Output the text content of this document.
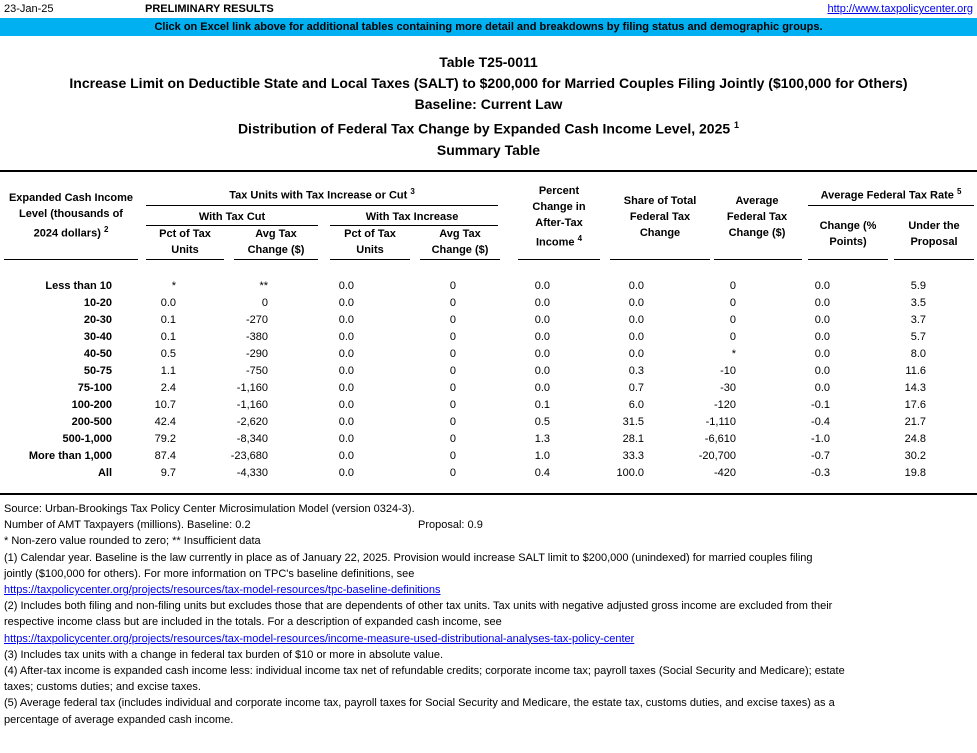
23-Jan-25	PRELIMINARY RESULTS	http://www.taxpolicycenter.org
Click on Excel link above for additional tables containing more detail and breakdowns by filing status and demographic groups.
Table T25-0011
Increase Limit on Deductible State and Local Taxes (SALT) to $200,000 for Married Couples Filing Jointly ($100,000 for Others)
Baseline: Current Law
Distribution of Federal Tax Change by Expanded Cash Income Level, 2025 $^1$
Summary Table
Expanded Cash Income
Level (thousands of
2024 dollars) $^2$
Tax Units with Tax Increase or Cut $^3$
With Tax Cut	With Tax Increase
Pct of Tax
Units
Avg Tax
Change ($)
Pct of Tax
Units
Avg Tax
Change ($)
Percent
Change in
After-Tax
Income $^4$
Share of Total
Federal Tax
Change
Average
Federal Tax
Change ($)
Average Federal Tax Rate $^5$
Change (%
Points)
Under the
Proposal
Less than 10	*	**	0.0	0	0.0	0.0	0	0.0	5.9
10-20	0.0	0	0.0	0	0.0	0.0	0	0.0	3.5
20-30	0.1	-270	0.0	0	0.0	0.0	0	0.0	3.7
30-40	0.1	-380	0.0	0	0.0	0.0	0	0.0	5.7
40-50	0.5	-290	0.0	0	0.0	0.0	*	0.0	8.0
50-75	1.1	-750	0.0	0	0.0	0.3	-10	0.0	11.6
75-100	2.4	-1,160	0.0	0	0.0	0.7	-30	0.0	14.3
100-200	10.7	-1,160	0.0	0	0.1	6.0	-120	-0.1	17.6
200-500	42.4	-2,620	0.0	0	0.5	31.5	-1,110	-0.4	21.7
500-1,000	79.2	-8,340	0.0	0	1.3	28.1	-6,610	-1.0	24.8
More than 1,000	87.4	-23,680	0.0	0	1.0	33.3	-20,700	-0.7	30.2
All	9.7	-4,330	0.0	0	0.4	100.0	-420	-0.3	19.8
Source: Urban-Brookings Tax Policy Center Microsimulation Model (version 0324-3).
Number of AMT Taxpayers (millions). Baseline: 0.2	Proposal: 0.9
* Non-zero value rounded to zero; ** Insufficient data
(1) Calendar year. Baseline is the law currently in place as of January 22, 2025. Provision would increase SALT limit to $200,000 (unindexed) for married couples filing
jointly ($100,000 for others). For more information on TPC's baseline definitions, see
https://taxpolicycenter.org/projects/resources/tax-model-resources/tpc-baseline-definitions
(2) Includes both filing and non-filing units but excludes those that are dependents of other tax units. Tax units with negative adjusted gross income are excluded from their
respective income class but are included in the totals. For a description of expanded cash income, see
https://taxpolicycenter.org/projects/resources/tax-model-resources/income-measure-used-distributional-analyses-tax-policy-center
(3) Includes tax units with a change in federal tax burden of $10 or more in absolute value.
(4) After-tax income is expanded cash income less: individual income tax net of refundable credits; corporate income tax; payroll taxes (Social Security and Medicare); estate
taxes; customs duties; and excise taxes.
(5) Average federal tax (includes individual and corporate income tax, payroll taxes for Social Security and Medicare, the estate tax, customs duties, and excise taxes) as a
percentage of average expanded cash income.
